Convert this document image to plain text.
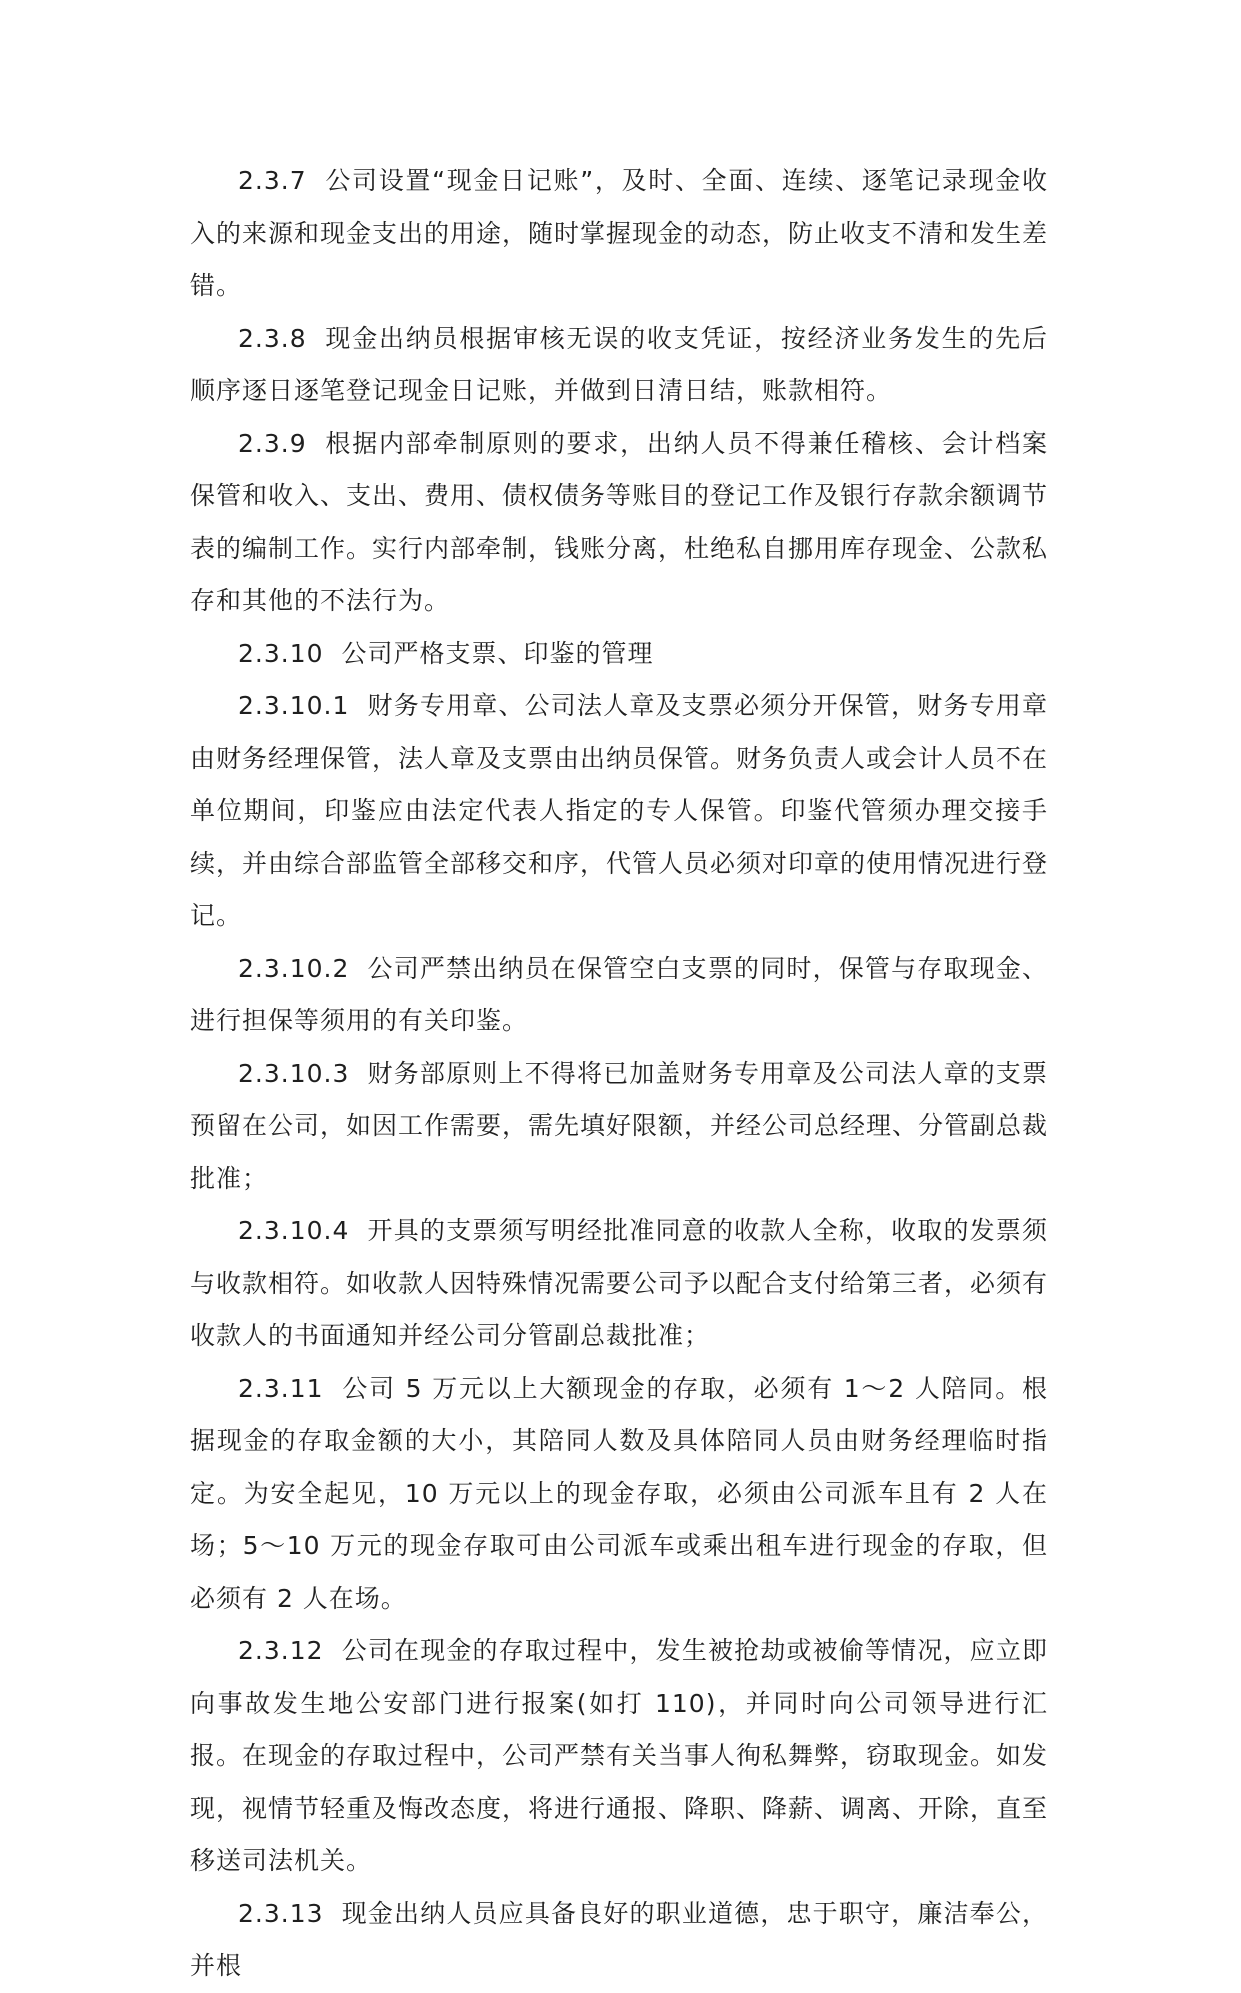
2.3.7 公司设置“现金日记账”，及时、全面、连续、逐笔记录现金收入的来源和现金支出的用途，随时掌握现金的动态，防止收支不清和发生差错。

2.3.8 现金出纳员根据审核无误的收支凭证，按经济业务发生的先后顺序逐日逐笔登记现金日记账，并做到日清日结，账款相符。

2.3.9 根据内部牵制原则的要求，出纳人员不得兼任稽核、会计档案保管和收入、支出、费用、债权债务等账目的登记工作及银行存款余额调节表的编制工作。实行内部牵制，钱账分离，杜绝私自挪用库存现金、公款私存和其他的不法行为。

2.3.10 公司严格支票、印鉴的管理

2.3.10.1 财务专用章、公司法人章及支票必须分开保管，财务专用章由财务经理保管，法人章及支票由出纳员保管。财务负责人或会计人员不在单位期间，印鉴应由法定代表人指定的专人保管。印鉴代管须办理交接手续，并由综合部监管全部移交和序，代管人员必须对印章的使用情况进行登记。

2.3.10.2 公司严禁出纳员在保管空白支票的同时，保管与存取现金、进行担保等须用的有关印鉴。

2.3.10.3 财务部原则上不得将已加盖财务专用章及公司法人章的支票预留在公司，如因工作需要，需先填好限额，并经公司总经理、分管副总裁批准；

2.3.10.4 开具的支票须写明经批准同意的收款人全称，收取的发票须与收款相符。如收款人因特殊情况需要公司予以配合支付给第三者，必须有收款人的书面通知并经公司分管副总裁批准；

2.3.11 公司 5 万元以上大额现金的存取，必须有 1～2 人陪同。根据现金的存取金额的大小，其陪同人数及具体陪同人员由财务经理临时指定。为安全起见，10 万元以上的现金存取，必须由公司派车且有 2 人在场；5～10 万元的现金存取可由公司派车或乘出租车进行现金的存取，但必须有 2 人在场。

2.3.12 公司在现金的存取过程中，发生被抢劫或被偷等情况，应立即向事故发生地公安部门进行报案(如打 110)，并同时向公司领导进行汇报。在现金的存取过程中，公司严禁有关当事人徇私舞弊，窃取现金。如发现，视情节轻重及悔改态度，将进行通报、降职、降薪、调离、开除，直至移送司法机关。

2.3.13 现金出纳人员应具备良好的职业道德，忠于职守，廉洁奉公，并根
